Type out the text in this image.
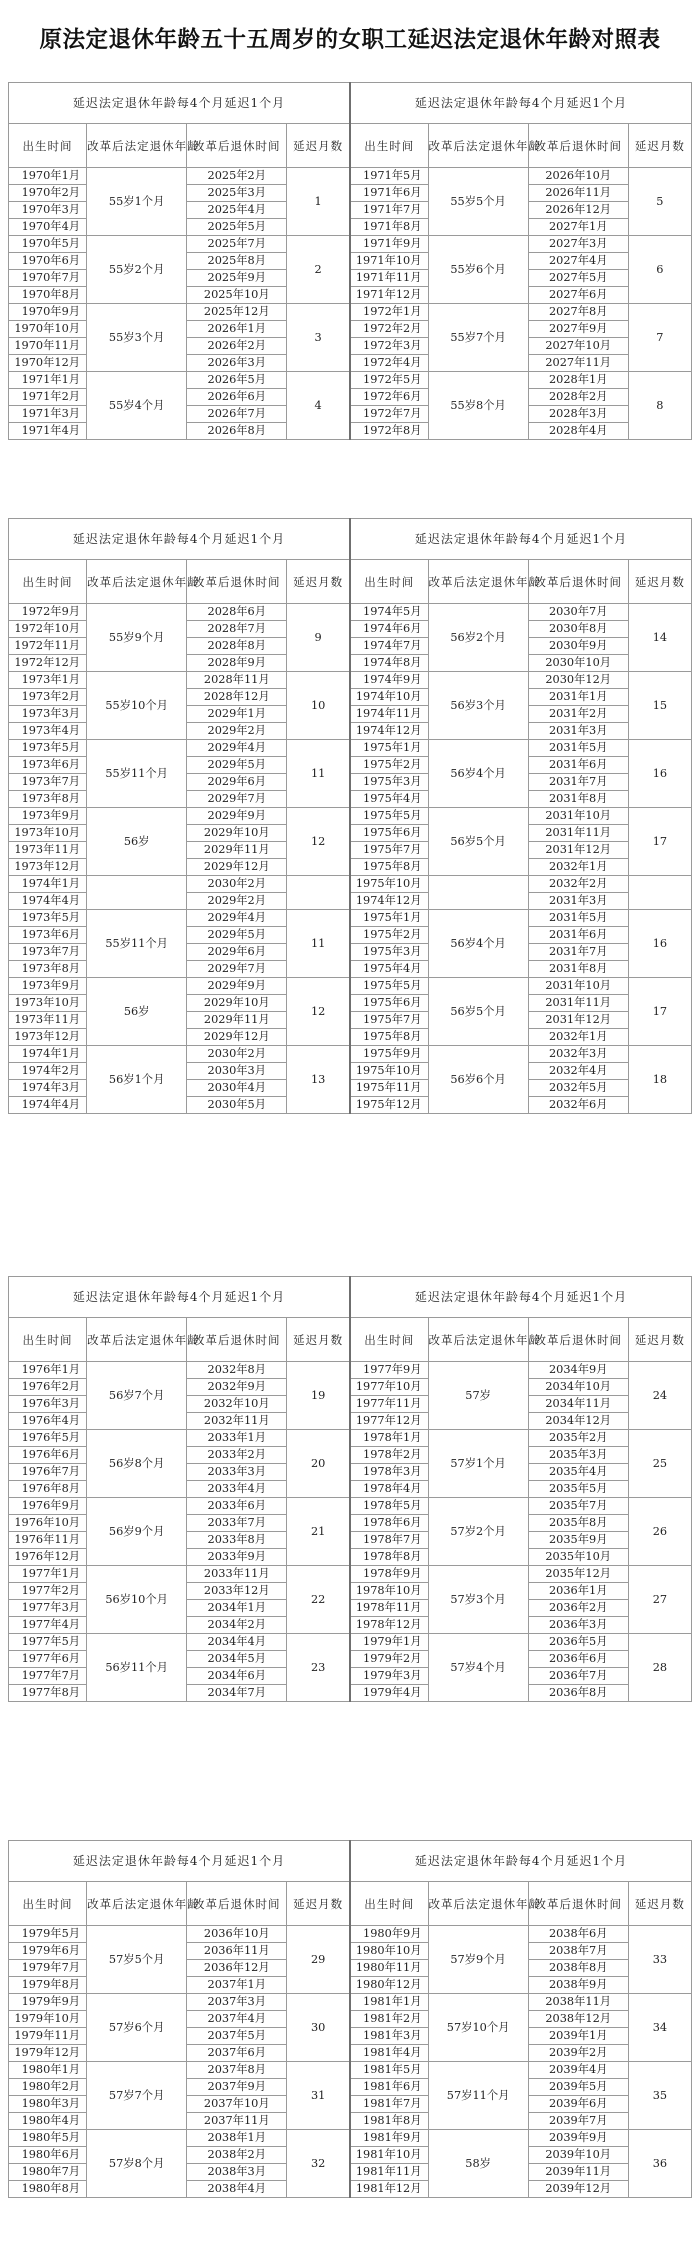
原法定退休年龄五十五周岁的女职工延迟法定退休年龄对照表
延迟法定退休年龄每4个月延迟1个月				延迟法定退休年龄每4个月延迟1个月			
出生时间	改革后法定退休年龄	改革后退休时间	延迟月数	出生时间	改革后法定退休年龄	改革后退休时间	延迟月数
1970年1月	55岁1个月	2025年2月	1	1971年5月	55岁5个月	2026年10月	5
1970年2月		2025年3月		1971年6月		2026年11月	
1970年3月		2025年4月		1971年7月		2026年12月	
1970年4月		2025年5月		1971年8月		2027年1月	
1970年5月	55岁2个月	2025年7月	2	1971年9月	55岁6个月	2027年3月	6
1970年6月		2025年8月		1971年10月		2027年4月	
1970年7月		2025年9月		1971年11月		2027年5月	
1970年8月		2025年10月		1971年12月		2027年6月	
1970年9月	55岁3个月	2025年12月	3	1972年1月	55岁7个月	2027年8月	7
1970年10月		2026年1月		1972年2月		2027年9月	
1970年11月		2026年2月		1972年3月		2027年10月	
1970年12月		2026年3月		1972年4月		2027年11月	
1971年1月	55岁4个月	2026年5月	4	1972年5月	55岁8个月	2028年1月	8
1971年2月		2026年6月		1972年6月		2028年2月	
1971年3月		2026年7月		1972年7月		2028年3月	
1971年4月		2026年8月		1972年8月		2028年4月	
延迟法定退休年龄每4个月延迟1个月				延迟法定退休年龄每4个月延迟1个月			
出生时间	改革后法定退休年龄	改革后退休时间	延迟月数	出生时间	改革后法定退休年龄	改革后退休时间	延迟月数
1972年9月	55岁9个月	2028年6月	9	1974年5月	56岁2个月	2030年7月	14
1972年10月		2028年7月		1974年6月		2030年8月	
1972年11月		2028年8月		1974年7月		2030年9月	
1972年12月		2028年9月		1974年8月		2030年10月	
1973年1月	55岁10个月	2028年11月	10	1974年9月	56岁3个月	2030年12月	15
1973年2月		2028年12月		1974年10月		2031年1月	
1973年3月		2029年1月		1974年11月		2031年2月	
1973年4月		2029年2月		1974年12月		2031年3月	
1973年5月	55岁11个月	2029年4月	11	1975年1月	56岁4个月	2031年5月	16
1973年6月		2029年5月		1975年2月		2031年6月	
1973年7月		2029年6月		1975年3月		2031年7月	
1973年8月		2029年7月		1975年4月		2031年8月	
1973年9月	56岁	2029年9月	12	1975年5月	56岁5个月	2031年10月	17
1973年10月		2029年10月		1975年6月		2031年11月	
1973年11月		2029年11月		1975年7月		2031年12月	
1973年12月		2029年12月		1975年8月		2032年1月	
1974年1月		2030年2月		1975年10月		2032年2月	
1974年4月		2029年2月		1974年12月		2031年3月	
1973年5月	55岁11个月	2029年4月	11	1975年1月	56岁4个月	2031年5月	16
1973年6月		2029年5月		1975年2月		2031年6月	
1973年7月		2029年6月		1975年3月		2031年7月	
1973年8月		2029年7月		1975年4月		2031年8月	
1973年9月	56岁	2029年9月	12	1975年5月	56岁5个月	2031年10月	17
1973年10月		2029年10月		1975年6月		2031年11月	
1973年11月		2029年11月		1975年7月		2031年12月	
1973年12月		2029年12月		1975年8月		2032年1月	
1974年1月	56岁1个月	2030年2月	13	1975年9月	56岁6个月	2032年3月	18
1974年2月		2030年3月		1975年10月		2032年4月	
1974年3月		2030年4月		1975年11月		2032年5月	
1974年4月		2030年5月		1975年12月		2032年6月	
延迟法定退休年龄每4个月延迟1个月				延迟法定退休年龄每4个月延迟1个月			
出生时间	改革后法定退休年龄	改革后退休时间	延迟月数	出生时间	改革后法定退休年龄	改革后退休时间	延迟月数
1976年1月	56岁7个月	2032年8月	19	1977年9月	57岁	2034年9月	24
1976年2月		2032年9月		1977年10月		2034年10月	
1976年3月		2032年10月		1977年11月		2034年11月	
1976年4月		2032年11月		1977年12月		2034年12月	
1976年5月	56岁8个月	2033年1月	20	1978年1月	57岁1个月	2035年2月	25
1976年6月		2033年2月		1978年2月		2035年3月	
1976年7月		2033年3月		1978年3月		2035年4月	
1976年8月		2033年4月		1978年4月		2035年5月	
1976年9月	56岁9个月	2033年6月	21	1978年5月	57岁2个月	2035年7月	26
1976年10月		2033年7月		1978年6月		2035年8月	
1976年11月		2033年8月		1978年7月		2035年9月	
1976年12月		2033年9月		1978年8月		2035年10月	
1977年1月	56岁10个月	2033年11月	22	1978年9月	57岁3个月	2035年12月	27
1977年2月		2033年12月		1978年10月		2036年1月	
1977年3月		2034年1月		1978年11月		2036年2月	
1977年4月		2034年2月		1978年12月		2036年3月	
1977年5月	56岁11个月	2034年4月	23	1979年1月	57岁4个月	2036年5月	28
1977年6月		2034年5月		1979年2月		2036年6月	
1977年7月		2034年6月		1979年3月		2036年7月	
1977年8月		2034年7月		1979年4月		2036年8月	
延迟法定退休年龄每4个月延迟1个月				延迟法定退休年龄每4个月延迟1个月			
出生时间	改革后法定退休年龄	改革后退休时间	延迟月数	出生时间	改革后法定退休年龄	改革后退休时间	延迟月数
1979年5月	57岁5个月	2036年10月	29	1980年9月	57岁9个月	2038年6月	33
1979年6月		2036年11月		1980年10月		2038年7月	
1979年7月		2036年12月		1980年11月		2038年8月	
1979年8月		2037年1月		1980年12月		2038年9月	
1979年9月	57岁6个月	2037年3月	30	1981年1月	57岁10个月	2038年11月	34
1979年10月		2037年4月		1981年2月		2038年12月	
1979年11月		2037年5月		1981年3月		2039年1月	
1979年12月		2037年6月		1981年4月		2039年2月	
1980年1月	57岁7个月	2037年8月	31	1981年5月	57岁11个月	2039年4月	35
1980年2月		2037年9月		1981年6月		2039年5月	
1980年3月		2037年10月		1981年7月		2039年6月	
1980年4月		2037年11月		1981年8月		2039年7月	
1980年5月	57岁8个月	2038年1月	32	1981年9月	58岁	2039年9月	36
1980年6月		2038年2月		1981年10月		2039年10月	
1980年7月		2038年3月		1981年11月		2039年11月	
1980年8月		2038年4月		1981年12月		2039年12月	
